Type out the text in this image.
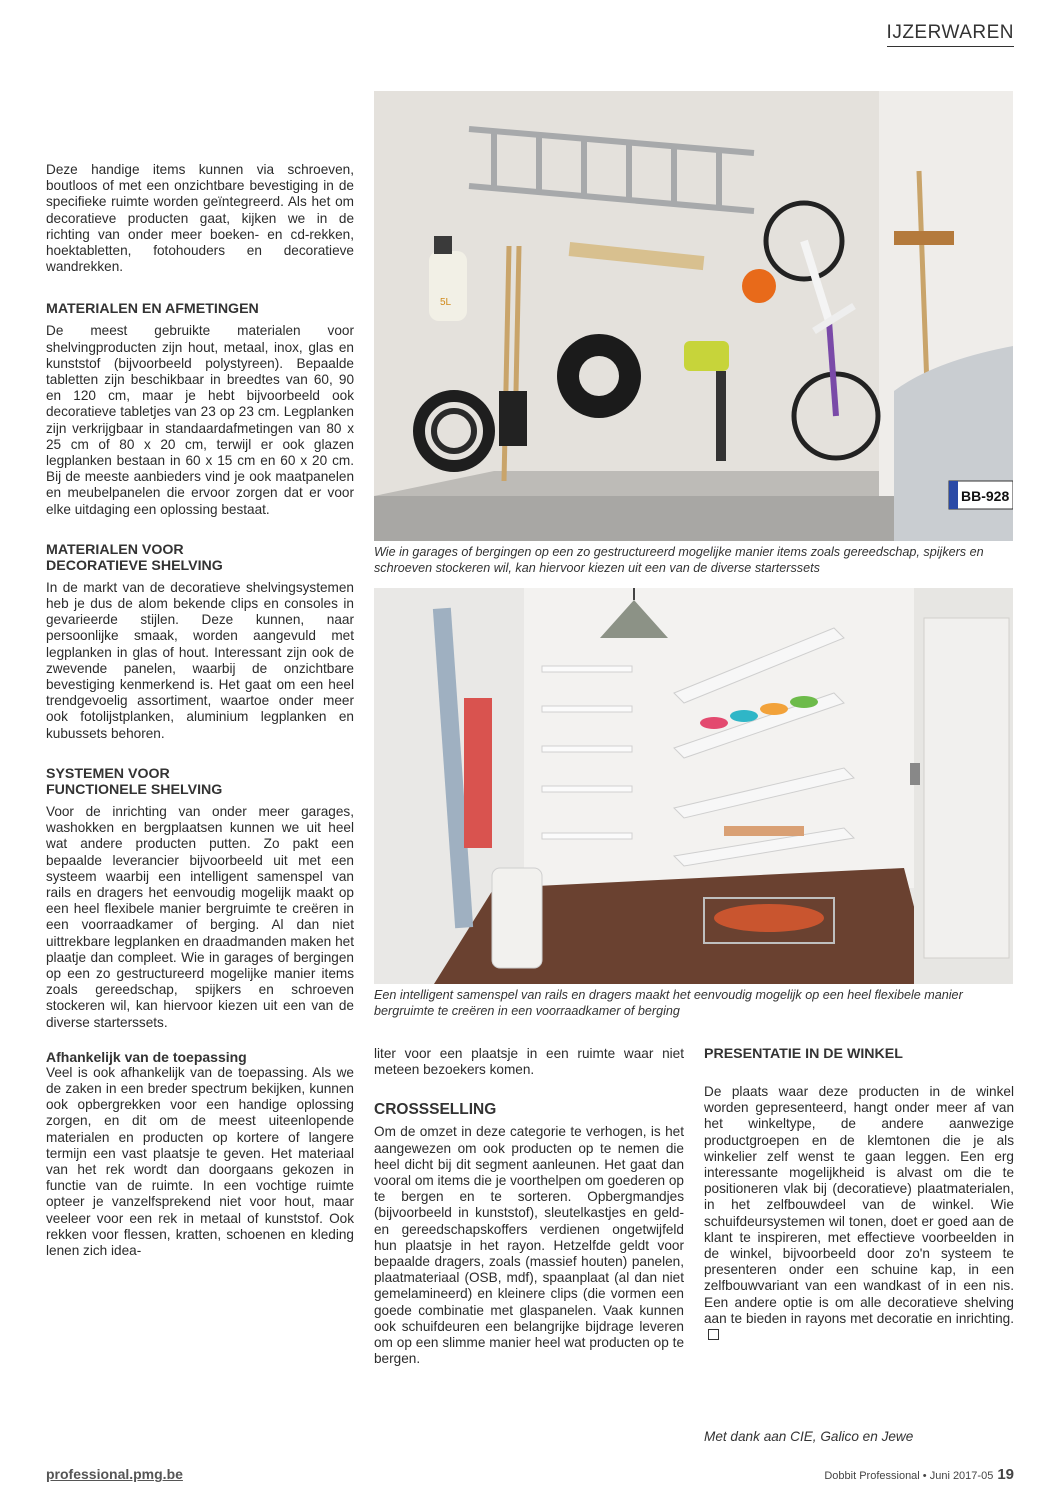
IJZERWAREN

Deze handige items kunnen via schroeven, boutloos of met een onzichtbare bevestiging in de specifieke ruimte worden geïntegreerd. Als het om decoratieve producten gaat, kijken we in de richting van onder meer boeken- en cd-rekken, hoektabletten, fotohouders en decoratieve wandrekken.

MATERIALEN EN AFMETINGEN

De meest gebruikte materialen voor shelvingproducten zijn hout, metaal, inox, glas en kunststof (bijvoorbeeld polystyreen). Bepaalde tabletten zijn beschikbaar in breedtes van 60, 90 en 120 cm, maar je hebt bijvoorbeeld ook decoratieve tabletjes van 23 op 23 cm. Legplanken zijn verkrijgbaar in standaardafmetingen van 80 x 25 cm of 80 x 20 cm, terwijl er ook glazen legplanken bestaan in 60 x 15 cm en 60 x 20 cm. Bij de meeste aanbieders vind je ook maatpanelen en meubelpanelen die ervoor zorgen dat er voor elke uitdaging een oplossing bestaat.

MATERIALEN VOOR
DECORATIEVE SHELVING

In de markt van de decoratieve shelvingsystemen heb je dus de alom bekende clips en consoles in gevarieerde stijlen. Deze kunnen, naar persoonlijke smaak, worden aangevuld met legplanken in glas of hout. Interessant zijn ook de zwevende panelen, waarbij de onzichtbare bevestiging kenmerkend is. Het gaat om een heel trendgevoelig assortiment, waartoe onder meer ook fotolijstplanken, aluminium legplanken en kubussets behoren.

SYSTEMEN VOOR
FUNCTIONELE SHELVING

Voor de inrichting van onder meer garages, washokken en bergplaatsen kunnen we uit heel wat andere producten putten. Zo pakt een bepaalde leverancier bijvoorbeeld uit met een systeem waarbij een intelligent samenspel van rails en dragers het eenvoudig mogelijk maakt op een heel flexibele manier bergruimte te creëren in een voorraadkamer of berging. Al dan niet uittrekbare legplanken en draadmanden maken het plaatje dan compleet. Wie in garages of bergingen op een zo gestructureerd mogelijke manier items zoals gereedschap, spijkers en schroeven stockeren wil, kan hiervoor kiezen uit een van de diverse starterssets.

Afhankelijk van de toepassing

Veel is ook afhankelijk van de toepassing. Als we de zaken in een breder spectrum bekijken, kunnen ook opbergrekken voor een handige oplossing zorgen, en dit om de meest uiteenlopende materialen en producten op kortere of langere termijn een vast plaatsje te geven. Het materiaal van het rek wordt dan doorgaans gekozen in functie van de ruimte. In een vochtige ruimte opteer je vanzelfsprekend niet voor hout, maar veeleer voor een rek in metaal of kunststof. Ook rekken voor flessen, kratten, schoenen en kleding lenen zich idea-

5L
BB-928
Wie in garages of bergingen op een zo gestructureerd mogelijke manier items zoals gereedschap, spijkers en schroeven stockeren wil, kan hiervoor kiezen uit een van de diverse starterssets
Een intelligent samenspel van rails en dragers maakt het eenvoudig mogelijk op een heel flexibele manier bergruimte te creëren in een voorraadkamer of berging

liter voor een plaatsje in een ruimte waar niet meteen bezoekers komen.

CROSSSELLING

Om de omzet in deze categorie te verhogen, is het aangewezen om ook producten op te nemen die heel dicht bij dit segment aanleunen. Het gaat dan vooral om items die je voorthelpen om goederen op te bergen en te sorteren. Opbergmandjes (bijvoorbeeld in kunststof), sleutelkastjes en geld- en gereedschapskoffers verdienen ongetwijfeld hun plaatsje in het rayon. Hetzelfde geldt voor bepaalde dragers, zoals (massief houten) panelen, plaatmateriaal (OSB, mdf), spaanplaat (al dan niet gemelamineerd) en kleinere clips (die vormen een goede combinatie met glaspanelen. Vaak kunnen ook schuifdeuren een belangrijke bijdrage leveren om op een slimme manier heel wat producten op te bergen.

PRESENTATIE IN DE WINKEL

De plaats waar deze producten in de winkel worden gepresenteerd, hangt onder meer af van het winkeltype, de andere aanwezige productgroepen en de klemtonen die je als winkelier zelf wenst te gaan leggen. Een erg interessante mogelijkheid is alvast om die te positioneren vlak bij (decoratieve) plaatmaterialen, in het zelfbouwdeel van de winkel. Wie schuifdeursystemen wil tonen, doet er goed aan de klant te inspireren, met effectieve voorbeelden in de winkel, bijvoorbeeld door zo'n systeem te presenteren onder een schuine kap, in een zelfbouwvariant van een wandkast of in een nis. Een andere optie is om alle decoratieve shelving aan te bieden in rayons met decoratie en inrichting.

Met dank aan CIE, Galico en Jewe
professional.pmg.be	Dobbit Professional • Juni 2017-05 19
